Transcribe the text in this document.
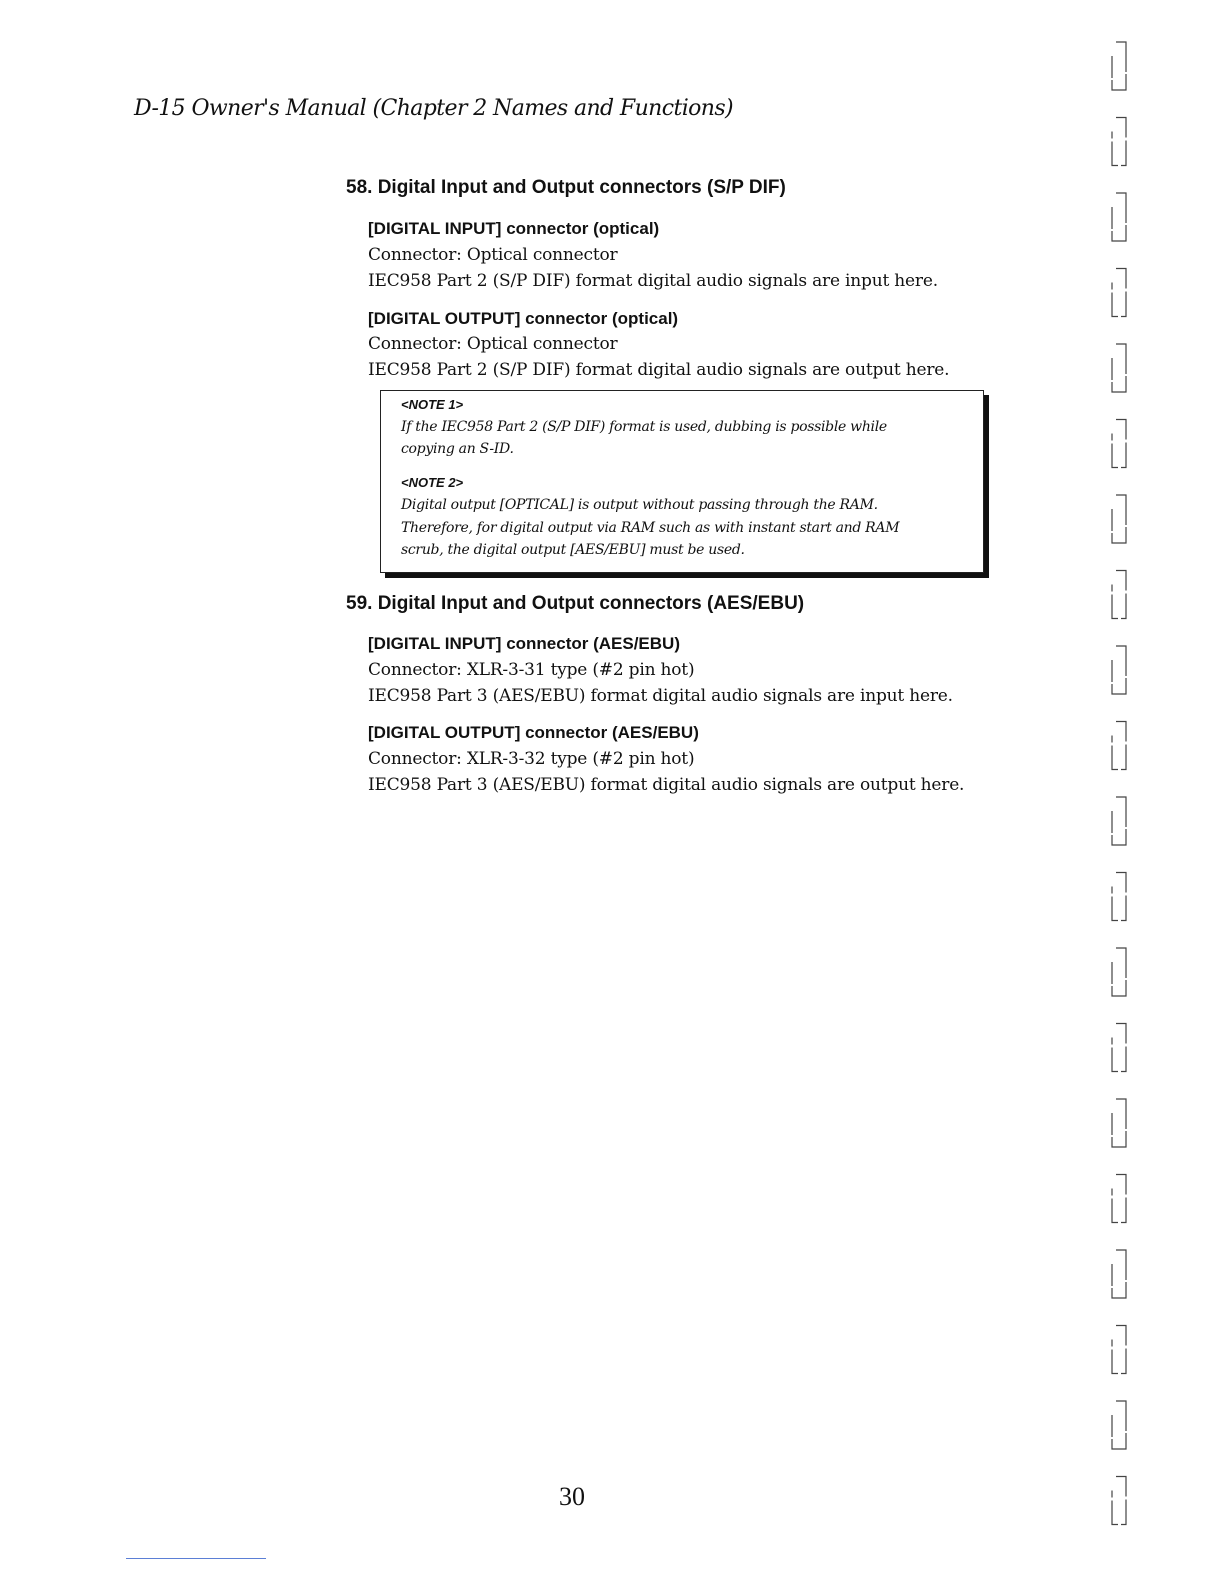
D-15 Owner's Manual (Chapter 2 Names and Functions)
58. Digital Input and Output connectors (S/P DIF)
[DIGITAL INPUT] connector (optical)
Connector: Optical connector
IEC958 Part 2 (S/P DIF) format digital audio signals are input here.
[DIGITAL OUTPUT] connector (optical)
Connector: Optical connector
IEC958 Part 2 (S/P DIF) format digital audio signals are output here.
<NOTE 1>
If the IEC958 Part 2 (S/P DIF) format is used, dubbing is possible while
copying an S-ID.
<NOTE 2>
Digital output [OPTICAL] is output without passing through the RAM.
Therefore, for digital output via RAM such as with instant start and RAM
scrub, the digital output [AES/EBU] must be used.
59. Digital Input and Output connectors (AES/EBU)
[DIGITAL INPUT] connector (AES/EBU)
Connector: XLR-3-31 type (#2 pin hot)
IEC958 Part 3 (AES/EBU) format digital audio signals are input here.
[DIGITAL OUTPUT] connector (AES/EBU)
Connector: XLR-3-32 type (#2 pin hot)
IEC958 Part 3 (AES/EBU) format digital audio signals are output here.
30
